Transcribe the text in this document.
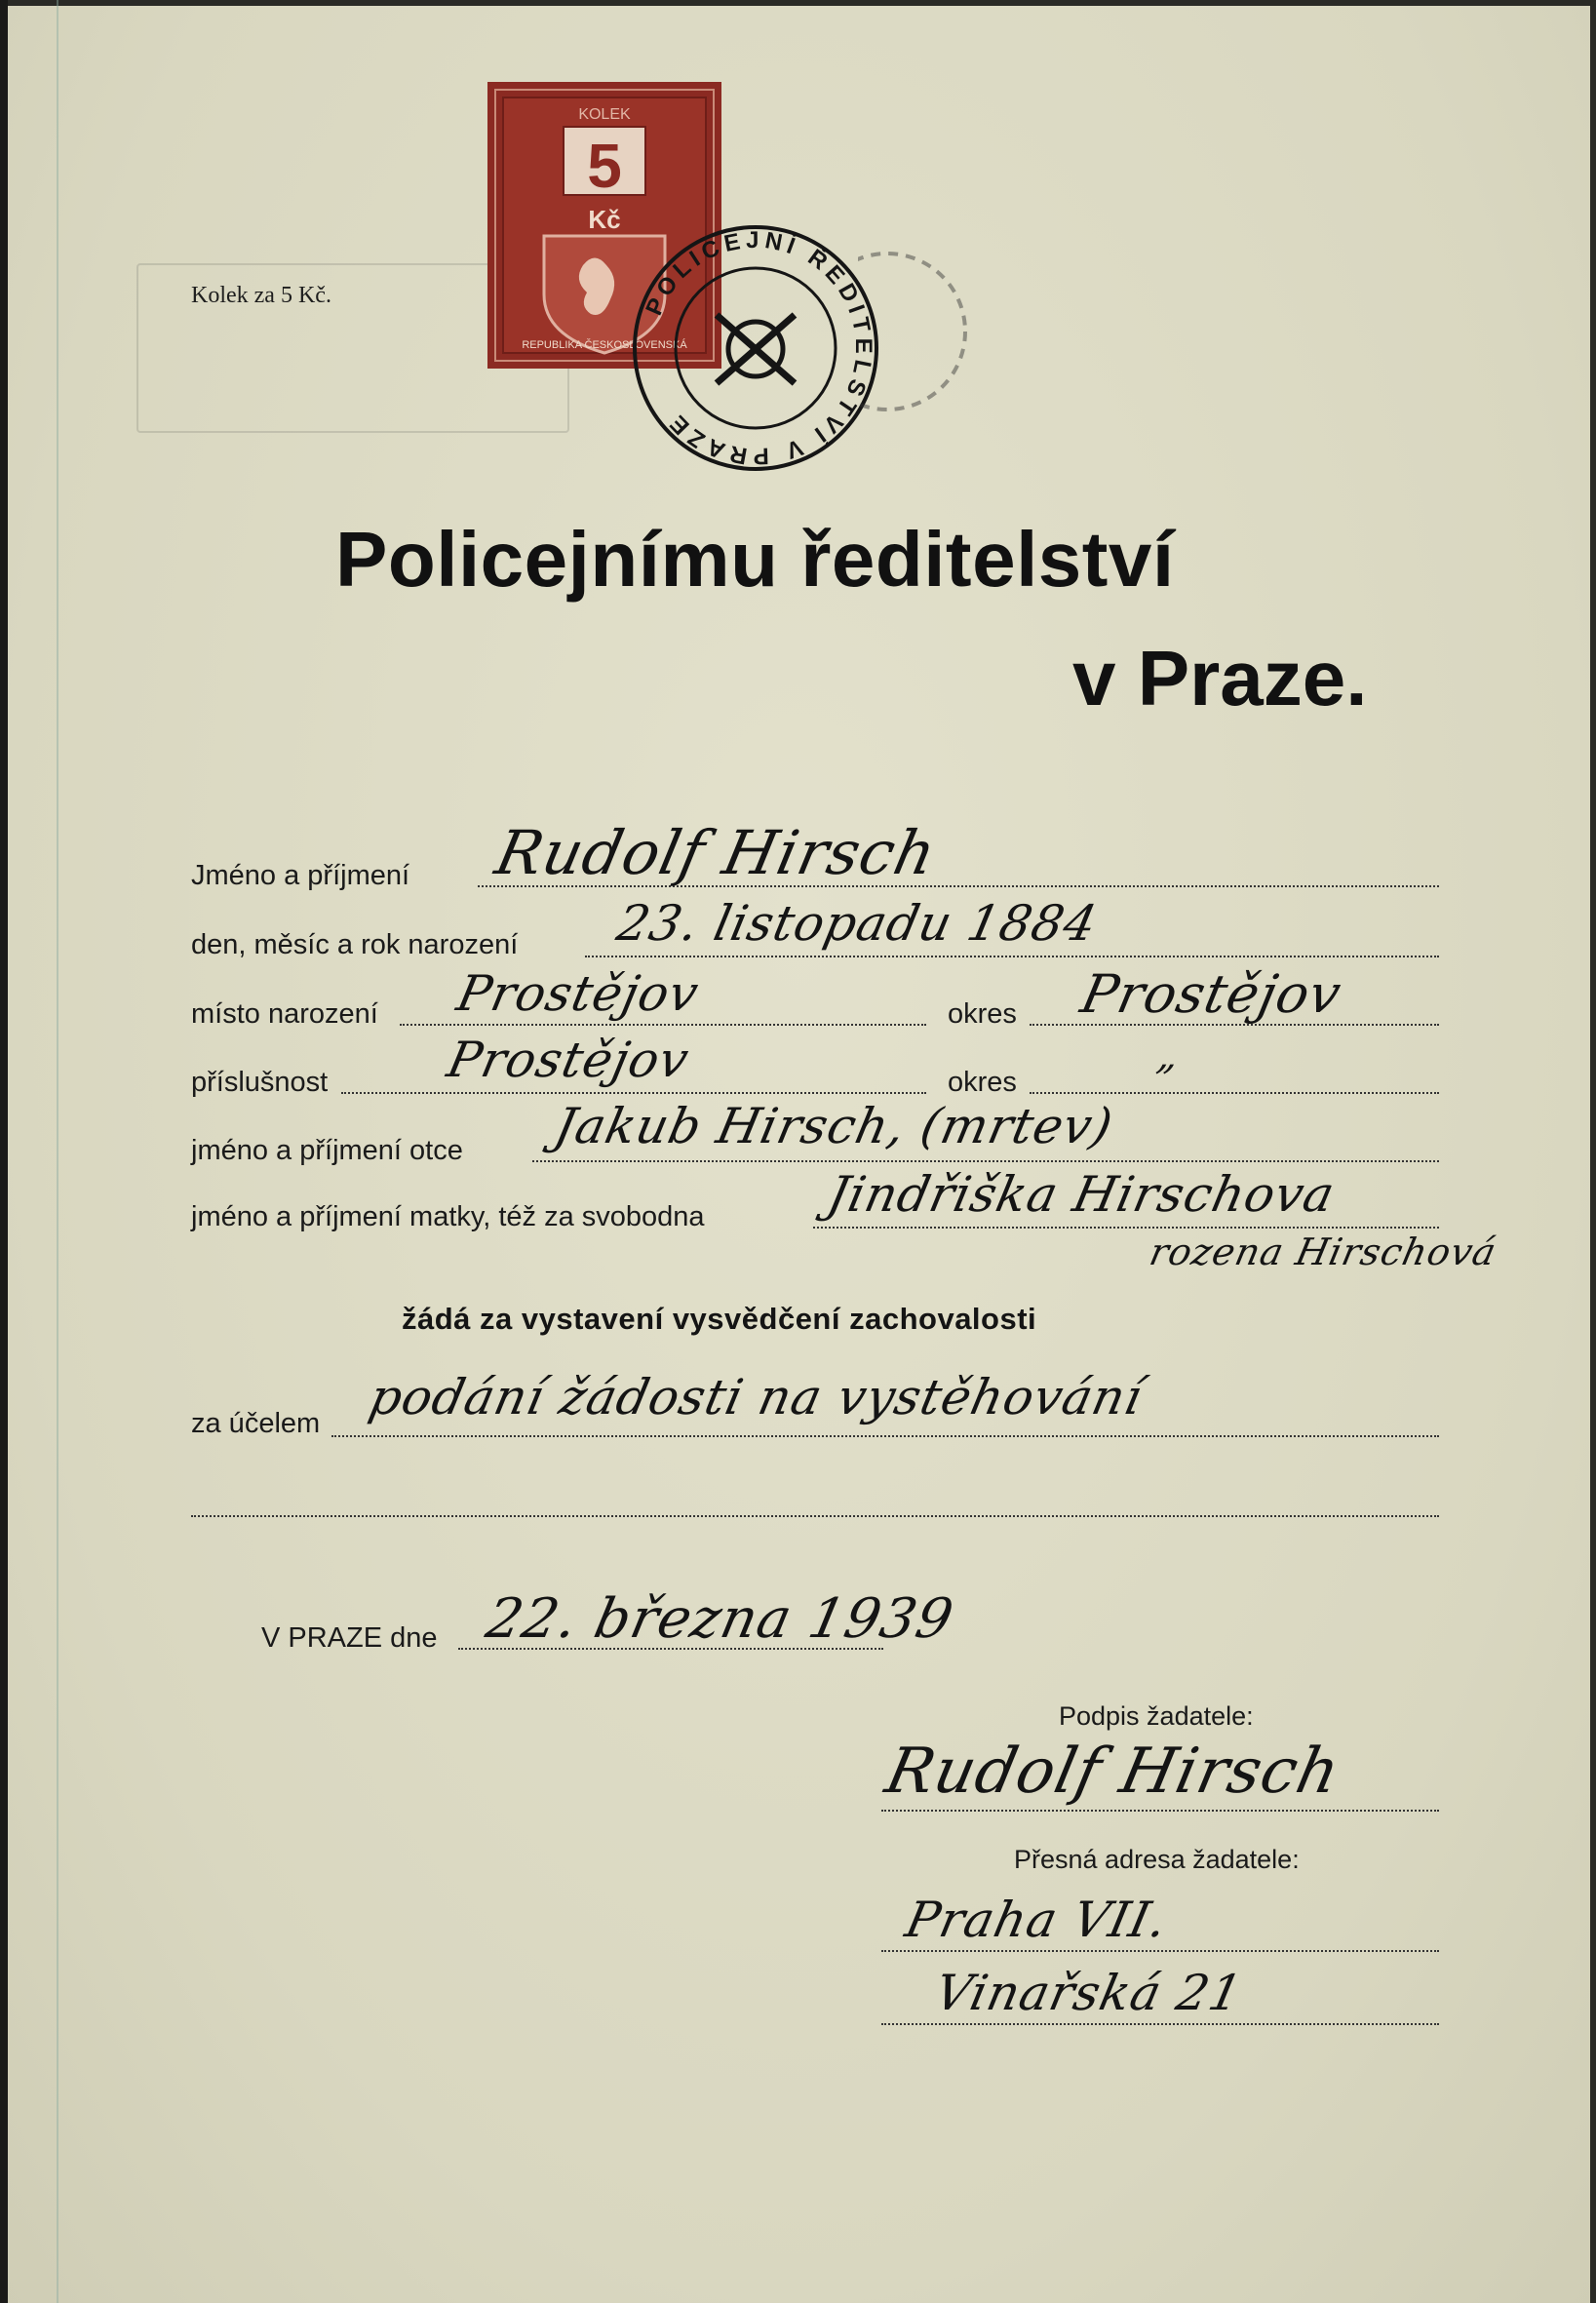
Kolek za 5 Kč.
KOLEK
5
Kč
REPUBLIKA ČESKOSLOVENSKÁ
POLICEJNÍ ŘEDITELSTVÍ V PRAZE
Policejnímu ředitelství
v Praze.
Jméno a příjmení Rudolf Hirsch
den, měsíc a rok narození 23. listopadu 1884
místo narození Prostějov	okres Prostějov
příslušnost Prostějov	okres
„
jméno a příjmení otce Jakub Hirsch, (mrtev)
jméno a příjmení matky, též za svobodna Jindřiška Hirschova
rozena Hirschová
žádá za vystavení vysvědčení zachovalosti
za účelem podání žádosti na vystěhování
V PRAZE dne 22. března 1939
Podpis žadatele:
Rudolf Hirsch
Přesná adresa žadatele:
Praha VII.
Vinařská 21
